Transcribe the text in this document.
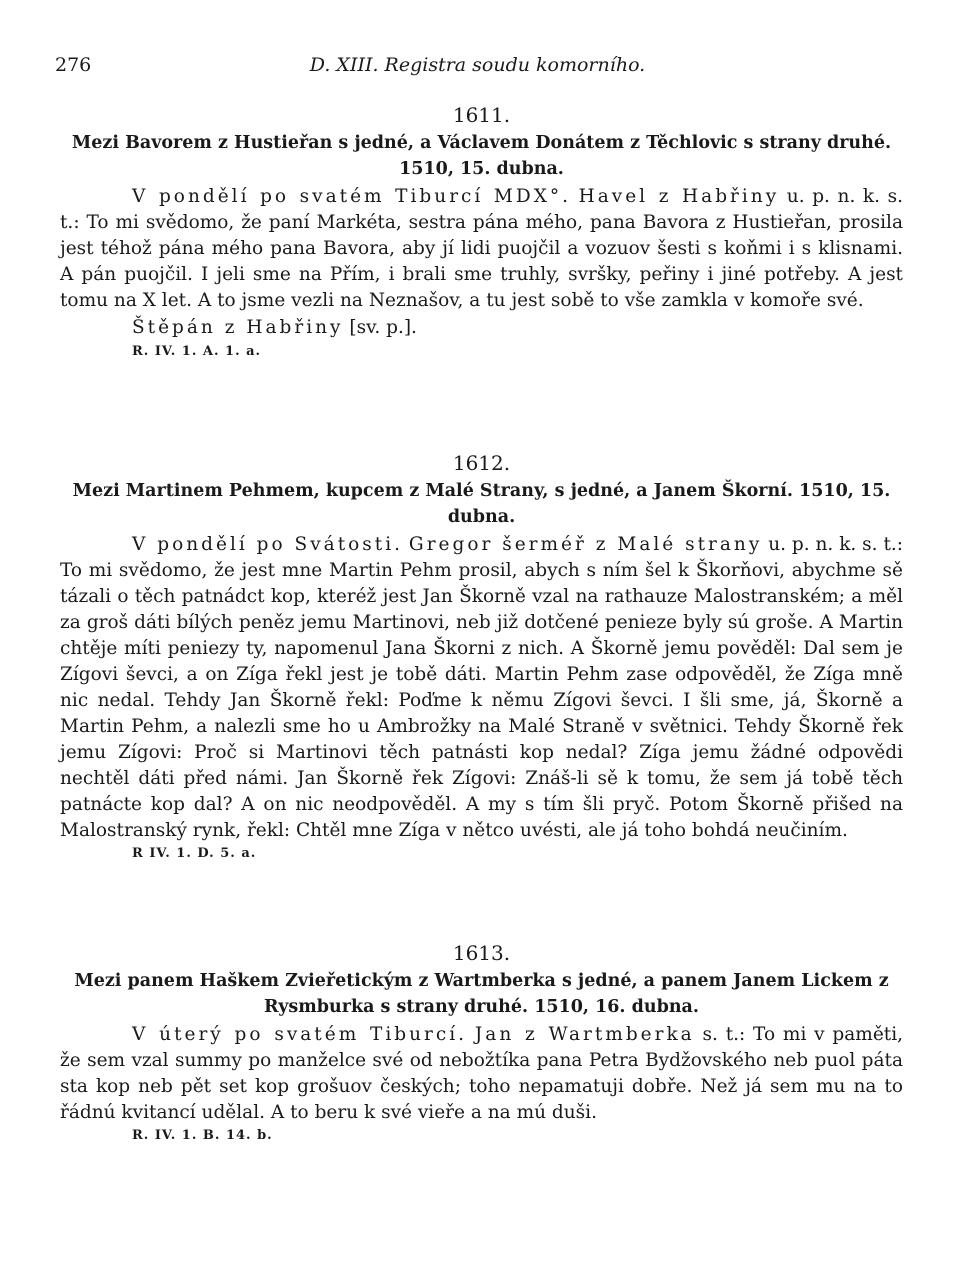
276	D. XIII. Registra soudu komorního.
1611.
Mezi Bavorem z Hustieřan s jedné, a Václavem Donátem z Těchlovic s strany druhé.
1510, 15. dubna.

V pondělí po svatém Tiburcí MDX°. Havel z Habřiny u. p. n. k. s. t.: To mi svědomo, že paní Markéta, sestra pána mého, pana Bavora z Hustieřan, prosila jest téhož pána mého pana Bavora, aby jí lidi puojčil a vozuov šesti s koňmi i s klisnami. A pán puojčil. I jeli sme na Přím, i brali sme truhly, svršky, peřiny i jiné potřeby. A jest tomu na X let. A to jsme vezli na Neznašov, a tu jest sobě to vše zamkla v komoře své.

Štěpán z Habřiny [sv. p.].
R. IV. 1. A. 1. a.
1612.
Mezi Martinem Pehmem, kupcem z Malé Strany, s jedné, a Janem Škorní. 1510, 15. dubna.

V pondělí po Svátosti. Gregor šerméř z Malé strany u. p. n. k. s. t.: To mi svědomo, že jest mne Martin Pehm prosil, abych s ním šel k Škorňovi, abychme sě tázali o těch patnádct kop, kteréž jest Jan Škorně vzal na rathauze Malostranském; a měl za groš dáti bílých peněz jemu Martinovi, neb již dotčené penieze byly sú groše. A Martin chtěje míti peniezy ty, napomenul Jana Škorni z nich. A Škorně jemu pověděl: Dal sem je Zígovi ševci, a on Zíga řekl jest je tobě dáti. Martin Pehm zase odpověděl, že Zíga mně nic nedal. Tehdy Jan Škorně řekl: Poďme k němu Zígovi ševci. I šli sme, já, Škorně a Martin Pehm, a nalezli sme ho u Ambrožky na Malé Straně v světnici. Tehdy Škorně řek jemu Zígovi: Proč si Martinovi těch patnásti kop nedal? Zíga jemu žádné odpovědi nechtěl dáti před námi. Jan Škorně řek Zígovi: Znáš-li sě k tomu, že sem já tobě těch patnácte kop dal? A on nic neodpověděl. A my s tím šli pryč. Potom Škorně přišed na Malostranský rynk, řekl: Chtěl mne Zíga v nětco uvésti, ale já toho bohdá neučiním.

R IV. 1. D. 5. a.
1613.
Mezi panem Haškem Zvieřetickým z Wartmberka s jedné, a panem Janem Lickem z Rysmburka s strany druhé. 1510, 16. dubna.

V úterý po svatém Tiburcí. Jan z Wartmberka s. t.: To mi v paměti, že sem vzal summy po manželce své od nebožtíka pana Petra Bydžovského neb puol páta sta kop neb pět set kop grošuov českých; toho nepamatuji dobře. Než já sem mu na to řádnú kvitancí udělal. A to beru k své vieře a na mú duši.

R. IV. 1. B. 14. b.
